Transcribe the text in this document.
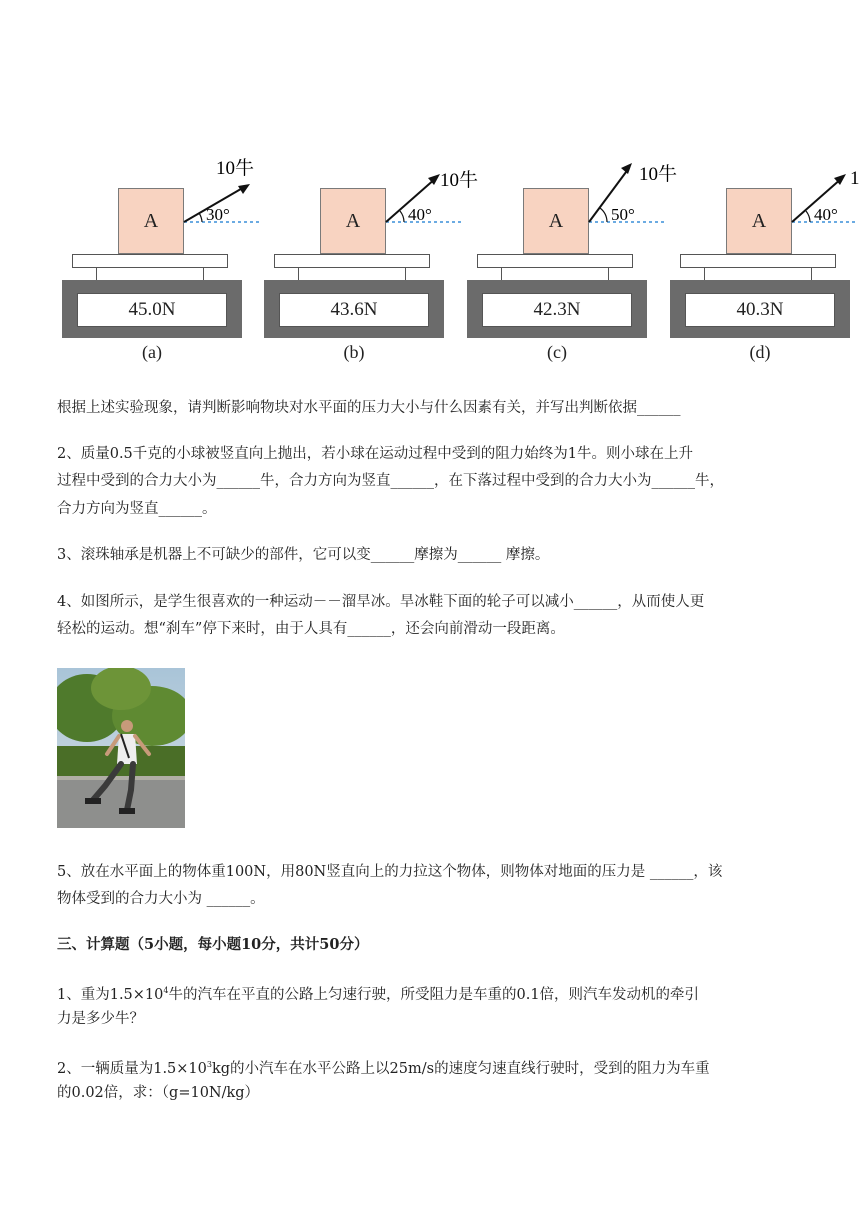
A	30°
10牛
45.0N
(a)
A	40°
10牛
43.6N
(b)
A	50°
10牛
42.3N
(c)
A	40°
1
40.3N
(d)

根据上述实验现象，请判断影响物块对水平面的压力大小与什么因素有关，并写出判断依据______

2、质量0.5千克的小球被竖直向上抛出，若小球在运动过程中受到的阻力始终为1牛。则小球在上升

过程中受到的合力大小为______牛，合力方向为竖直______，在下落过程中受到的合力大小为______牛，

合力方向为竖直______。

3、滚珠轴承是机器上不可缺少的部件，它可以变______摩擦为______ 摩擦。

4、如图所示，是学生很喜欢的一种运动－－溜旱冰。旱冰鞋下面的轮子可以减小______，从而使人更

轻松的运动。想“刹车”停下来时，由于人具有______，还会向前滑动一段距离。

5、放在水平面上的物体重100N，用80N竖直向上的力拉这个物体，则物体对地面的压力是 ______，该

物体受到的合力大小为 ______。

三、计算题（5小题，每小题10分，共计50分）

1、重为$1.5\times 10^4$牛的汽车在平直的公路上匀速行驶，所受阻力是车重的0.1倍，则汽车发动机的牵引

力是多少牛？

2、一辆质量为$1.5\times 10^3kg$的小汽车在水平公路上以25m/s的速度匀速直线行驶时，受到的阻力为车重

的0.02倍，求：（g=10N/kg）
